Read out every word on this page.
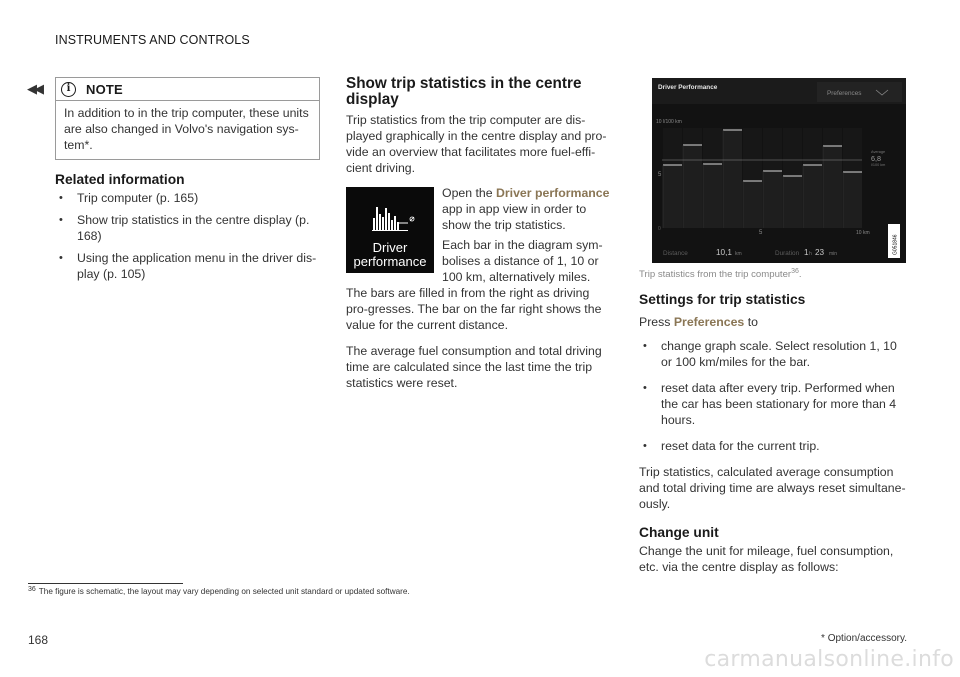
INSTRUMENTS AND CONTROLS
◀◀	i	NOTE
In addition to in the trip computer, these units are also changed in Volvo's navigation sys-tem*.
Related information
• Trip computer (p. 165)
• Show trip statistics in the centre display (p. 168)
• Using the application menu in the driver dis-play (p. 105)
Show trip statistics in the centre display

Trip statistics from the trip computer are dis-played graphically in the centre display and pro-vide an overview that facilitates more fuel-effi-cient driving.

Driver performance

Open the Driver performance app in app view in order to show the trip statistics.

Each bar in the diagram sym-bolises a distance of 1, 10 or 100 km, alternatively miles. The bars are filled in from the right as driving pro-gresses. The bar on the far right shows the value for the current distance.

The average fuel consumption and total driving time are calculated since the last time the trip statistics were reset.

Driver Performance
Preferences
10 l/100 km
5
0
Average
6,8
l/100 km
5	10 km
Distance	10,1 km	Duration 1 h 23 min	G051846
Trip statistics from the trip computer$^{36}$.
Settings for trip statistics

Press Preferences to

• change graph scale. Select resolution 1, 10 or 100 km/miles for the bar.
• reset data after every trip. Performed when the car has been stationary for more than 4 hours.
• reset data for the current trip.

Trip statistics, calculated average consumption and total driving time are always reset simultane-ously.

Change unit

Change the unit for mileage, fuel consumption, etc. via the centre display as follows:

$^{36}$ The figure is schematic, the layout may vary depending on selected unit standard or updated software.
168	* Option/accessory.
carmanualsonline.info
